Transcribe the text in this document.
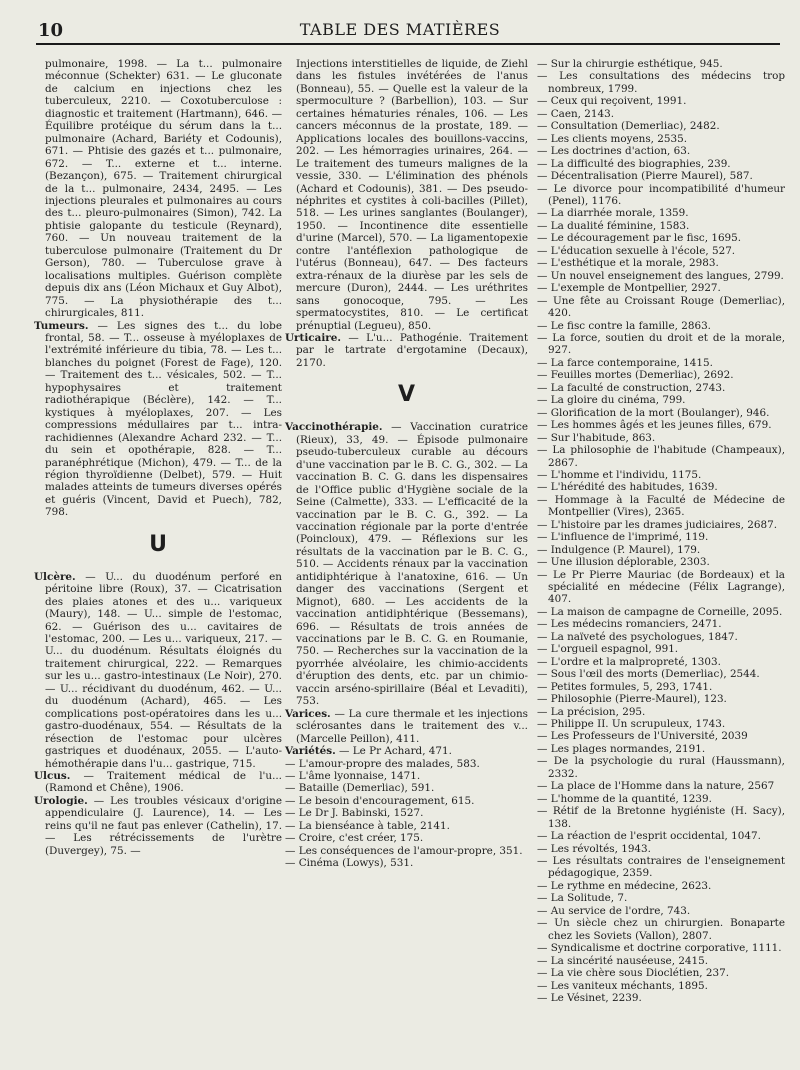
10	TABLE DES MATIÈRES

pulmonaire, 1998. — La t... pulmonaire méconnue (Schekter) 631. — Le gluconate de calcium en injections chez les tuberculeux, 2210. — Coxotuberculose : diagnostic et traitement (Hartmann), 646. — Équilibre protéique du sérum dans la t... pulmonaire (Achard, Bariéty et Codounis), 671. — Phtisie des gazés et t... pulmonaire, 672. — T... externe et t... interne. (Bezançon), 675. — Traitement chirurgical de la t... pulmonaire, 2434, 2495. — Les injections pleurales et pulmonaires au cours des t... pleuro-pulmonaires (Simon), 742. La phtisie galopante du testicule (Reynard), 760. — Un nouveau traitement de la tuberculose pulmonaire (Traitement du Dr Gerson), 780. — Tuberculose grave à localisations multiples. Guérison complète depuis dix ans (Léon Michaux et Guy Albot), 775. — La physiothérapie des t... chirurgicales, 811.

Tumeurs. — Les signes des t... du lobe frontal, 58. — T... osseuse à myéloplaxes de l'extrémité inférieure du tibia, 78. — Les t... blanches du poignet (Forest de Fage), 120. — Traitement des t... vésicales, 502. — T... hypophysaires et traitement radiothérapique (Béclère), 142. — T... kystiques à myéloplaxes, 207. — Les compressions médullaires par t... intra-rachidiennes (Alexandre Achard 232. — T... du sein et opothérapie, 828. — T... paranéphrétique (Michon), 479. — T... de la région thyroïdienne (Delbet), 579. — Huit malades atteints de tumeurs diverses opérés et guéris (Vincent, David et Puech), 782, 798.

U

Ulcère. — U... du duodénum perforé en péritoine libre (Roux), 37. — Cicatrisation des plaies atones et des u... variqueux (Maury), 148. — U... simple de l'estomac, 62. — Guérison des u... cavitaires de l'estomac, 200. — Les u... variqueux, 217. — U... du duodénum. Résultats éloignés du traitement chirurgical, 222. — Remarques sur les u... gastro-intestinaux (Le Noir), 270. — U... récidivant du duodénum, 462. — U... du duodénum (Achard), 465. — Les complications post-opératoires dans les u... gastro-duodénaux, 554. — Résultats de la résection de l'estomac pour ulcères gastriques et duodénaux, 2055. — L'auto-hémothérapie dans l'u... gastrique, 715.

Ulcus. — Traitement médical de l'u... (Ramond et Chêne), 1906.

Urologie. — Les troubles vésicaux d'origine appendiculaire (J. Laurence), 14. — Les reins qu'il ne faut pas enlever (Cathelin), 17. — Les rétrécissements de l'urètre (Duvergey), 75. —

Injections interstitielles de liquide, de Ziehl dans les fistules invétérées de l'anus (Bonneau), 55. — Quelle est la valeur de la spermoculture ? (Barbellion), 103. — Sur certaines hématuries rénales, 106. — Les cancers méconnus de la prostate, 189. — Applications locales des bouillons-vaccins, 202. — Les hémorragies urinaires, 264. — Le traitement des tumeurs malignes de la vessie, 330. — L'élimination des phénols (Achard et Codounis), 381. — Des pseudo-néphrites et cystites à coli-bacilles (Pillet), 518. — Les urines sanglantes (Boulanger), 1950. — Incontinence dite essentielle d'urine (Marcel), 570. — La ligamentopexie contre l'antéflexion pathologique de l'utérus (Bonneau), 647. — Des facteurs extra-rénaux de la diurèse par les sels de mercure (Duron), 2444. — Les uréthrites sans gonocoque, 795. — Les spermatocystites, 810. — Le certificat prénuptial (Legueu), 850.

Urticaire. — L'u... Pathogénie. Traitement par le tartrate d'ergotamine (Decaux), 2170.

V

Vaccinothérapie. — Vaccination curatrice (Rieux), 33, 49. — Épisode pulmonaire pseudo-tuberculeux curable au décours d'une vaccination par le B. C. G., 302. — La vaccination B. C. G. dans les dispensaires de l'Office public d'Hygiène sociale de la Seine (Calmette), 333. — L'efficacité de la vaccination par le B. C. G., 392. — La vaccination régionale par la porte d'entrée (Poincloux), 479. — Réflexions sur les résultats de la vaccination par le B. C. G., 510. — Accidents rénaux par la vaccination antidiphtérique à l'anatoxine, 616. — Un danger des vaccinations (Sergent et Mignot), 680. — Les accidents de la vaccination antidiphtérique (Bessemans), 696. — Résultats de trois années de vaccinations par le B. C. G. en Roumanie, 750. — Recherches sur la vaccination de la pyorrhée alvéolaire, les chimio-accidents d'éruption des dents, etc. par un chimio-vaccin arséno-spirillaire (Béal et Levaditi), 753.

Varices. — La cure thermale et les injections sclérosantes dans le traitement des v... (Marcelle Peillon), 411.

Variétés. — Le Pr Achard, 471.

— L'amour-propre des malades, 583.

— L'âme lyonnaise, 1471.

— Bataille (Demerliac), 591.

— Le besoin d'encouragement, 615.

— Le Dr J. Babinski, 1527.

— La bienséance à table, 2141.

— Croire, c'est créer, 175.

— Les conséquences de l'amour-propre, 351.

— Cinéma (Lowys), 531.

— Sur la chirurgie esthétique, 945.

— Les consultations des médecins trop nombreux, 1799.

— Ceux qui reçoivent, 1991.

— Caen, 2143.

— Consultation (Demerliac), 2482.

— Les clients moyens, 2535.

— Les doctrines d'action, 63.

— La difficulté des biographies, 239.

— Décentralisation (Pierre Maurel), 587.

— Le divorce pour incompatibilité d'humeur (Penel), 1176.

— La diarrhée morale, 1359.

— La dualité féminine, 1583.

— Le découragement par le fisc, 1695.

— L'éducation sexuelle à l'école, 527.

— L'esthétique et la morale, 2983.

— Un nouvel enseignement des langues, 2799.

— L'exemple de Montpellier, 2927.

— Une fête au Croissant Rouge (Demerliac), 420.

— Le fisc contre la famille, 2863.

— La force, soutien du droit et de la morale, 927.

— La farce contemporaine, 1415.

— Feuilles mortes (Demerliac), 2692.

— La faculté de construction, 2743.

— La gloire du cinéma, 799.

— Glorification de la mort (Boulanger), 946.

— Les hommes âgés et les jeunes filles, 679.

— Sur l'habitude, 863.

— La philosophie de l'habitude (Champeaux), 2867.

— L'homme et l'individu, 1175.

— L'hérédité des habitudes, 1639.

— Hommage à la Faculté de Médecine de Montpellier (Vires), 2365.

— L'histoire par les drames judiciaires, 2687.

— L'influence de l'imprimé, 119.

— Indulgence (P. Maurel), 179.

— Une illusion déplorable, 2303.

— Le Pr Pierre Mauriac (de Bordeaux) et la spécialité en médecine (Félix Lagrange), 407.

— La maison de campagne de Corneille, 2095.

— Les médecins romanciers, 2471.

— La naïveté des psychologues, 1847.

— L'orgueil espagnol, 991.

— L'ordre et la malpropreté, 1303.

— Sous l'œil des morts (Demerliac), 2544.

— Petites formules, 5, 293, 1741.

— Philosophie (Pierre-Maurel), 123.

— La précision, 295.

— Philippe II. Un scrupuleux, 1743.

— Les Professeurs de l'Université, 2039

— Les plages normandes, 2191.

— De la psychologie du rural (Haussmann), 2332.

— La place de l'Homme dans la nature, 2567

— L'homme de la quantité, 1239.

— Rétif de la Bretonne hygiéniste (H. Sacy), 138.

— La réaction de l'esprit occidental, 1047.

— Les révoltés, 1943.

— Les résultats contraires de l'enseignement pédagogique, 2359.

— Le rythme en médecine, 2623.

— La Solitude, 7.

— Au service de l'ordre, 743.

— Un siècle chez un chirurgien. Bonaparte chez les Soviets (Vallon), 2807.

— Syndicalisme et doctrine corporative, 1111.

— La sincérité nauséeuse, 2415.

— La vie chère sous Dioclétien, 237.

— Les vaniteux méchants, 1895.

— Le Vésinet, 2239.
